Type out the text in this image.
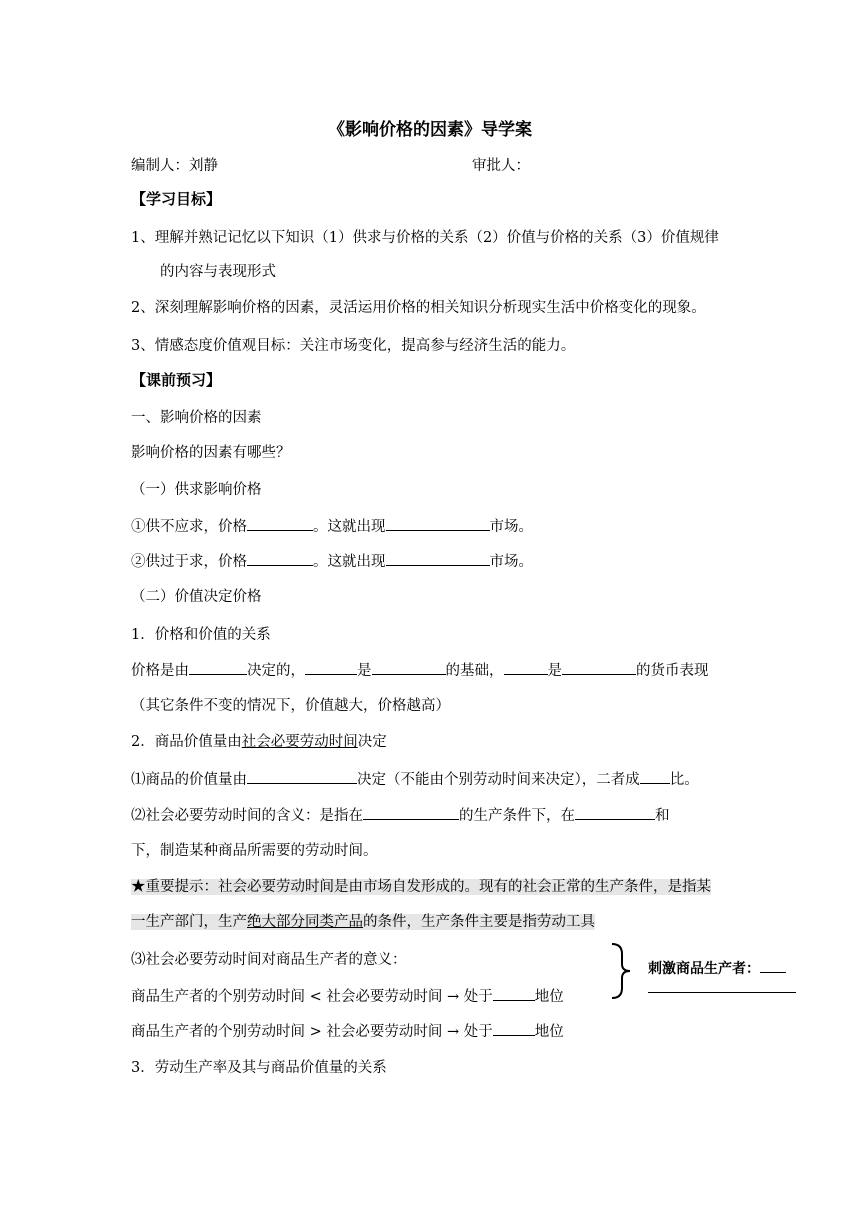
《影响价格的因素》导学案
编制人：刘静	审批人：
【学习目标】
1、理解并熟记记忆以下知识（1）供求与价格的关系（2）价值与价格的关系（3）价值规律
的内容与表现形式
2、深刻理解影响价格的因素，灵活运用价格的相关知识分析现实生活中价格变化的现象。
3、情感态度价值观目标：关注市场变化，提高参与经济生活的能力。
【课前预习】
一、影响价格的因素
影响价格的因素有哪些？
（一）供求影响价格
①供不应求，价格	。这就出现	市场。
②供过于求，价格	。这就出现	市场。
（二）价值决定价格
1．价格和价值的关系
价格是由	决定的，	是	的基础，	是	的货币表现
（其它条件不变的情况下，价值越大，价格越高）
2．商品价值量由社会必要劳动时间决定
⑴商品的价值量由	决定（不能由个别劳动时间来决定），二者成 比。
⑵社会必要劳动时间的含义：是指在	的生产条件下，在	和
下，制造某种商品所需要的劳动时间。
★重要提示：社会必要劳动时间是由市场自发形成的。现有的社会正常的生产条件，是指某
一生产部门，生产绝大部分同类产品的条件，生产条件主要是指劳动工具
⑶社会必要劳动时间对商品生产者的意义：
商品生产者的个别劳动时间 < 社会必要劳动时间 → 处于	地位
商品生产者的个别劳动时间 > 社会必要劳动时间 → 处于	地位
刺激商品生产者：
3．劳动生产率及其与商品价值量的关系
